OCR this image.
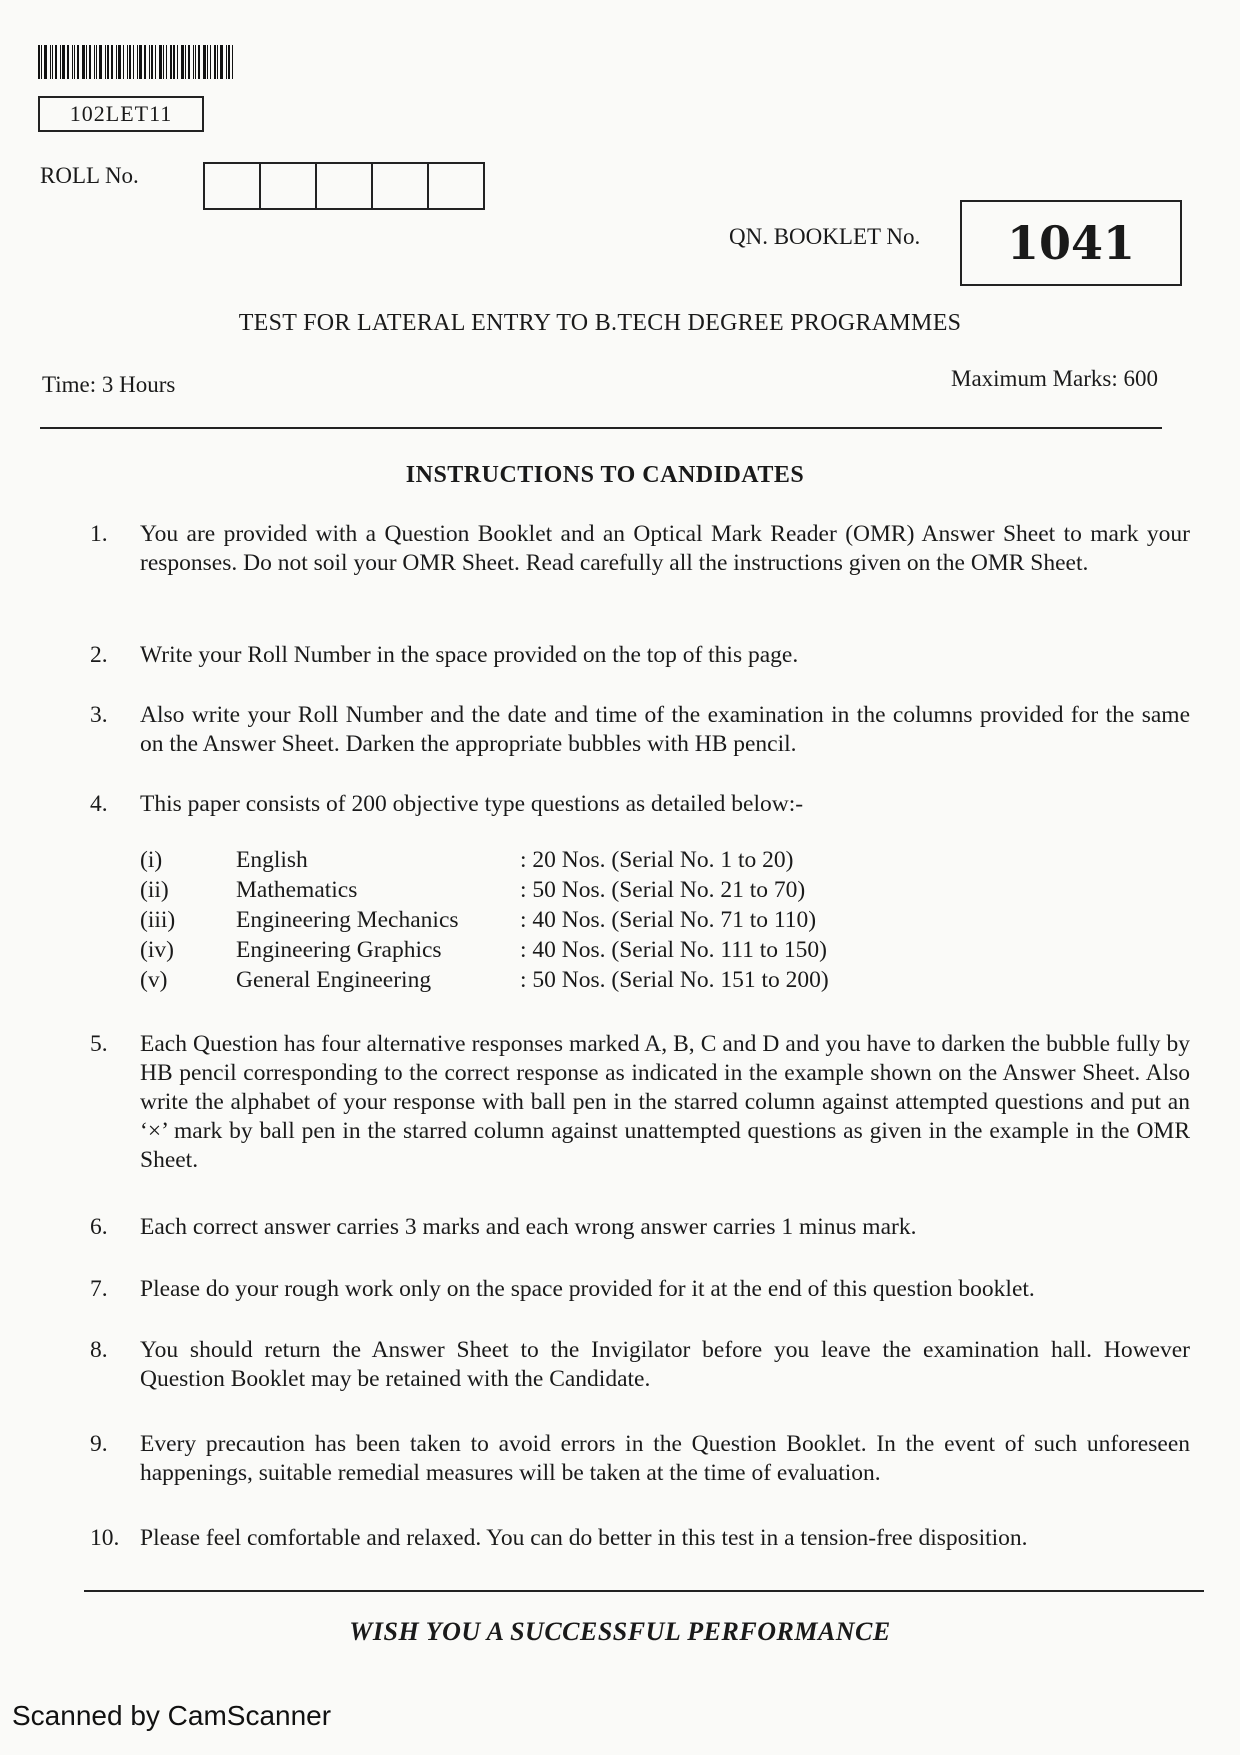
102LET11
ROLL No.
QN. BOOKLET No.	1041
TEST FOR LATERAL ENTRY TO B.TECH DEGREE PROGRAMMES
Time: 3 Hours	Maximum Marks: 600
INSTRUCTIONS TO CANDIDATES
1.	You are provided with a Question Booklet and an Optical Mark Reader (OMR) Answer Sheet to mark your responses. Do not soil your OMR Sheet. Read carefully all the instructions given on the OMR Sheet.
2.	Write your Roll Number in the space provided on the top of this page.
3.	Also write your Roll Number and the date and time of the examination in the columns provided for the same on the Answer Sheet. Darken the appropriate bubbles with HB pencil.
4.	This paper consists of 200 objective type questions as detailed below:-
(i)	English	: 20 Nos. (Serial No. 1 to 20)
(ii)	Mathematics	: 50 Nos. (Serial No. 21 to 70)
(iii)	Engineering Mechanics	: 40 Nos. (Serial No. 71 to 110)
(iv)	Engineering Graphics	: 40 Nos. (Serial No. 111 to 150)
(v)	General Engineering	: 50 Nos. (Serial No. 151 to 200)
5.	Each Question has four alternative responses marked A, B, C and D and you have to darken the bubble fully by HB pencil corresponding to the correct response as indicated in the example shown on the Answer Sheet. Also write the alphabet of your response with ball pen in the starred column against attempted questions and put an ‘×’ mark by ball pen in the starred column against unattempted questions as given in the example in the OMR Sheet.
6.	Each correct answer carries 3 marks and each wrong answer carries 1 minus mark.
7.	Please do your rough work only on the space provided for it at the end of this question booklet.
8.	You should return the Answer Sheet to the Invigilator before you leave the examination hall. However Question Booklet may be retained with the Candidate.
9.	Every precaution has been taken to avoid errors in the Question Booklet. In the event of such unforeseen happenings, suitable remedial measures will be taken at the time of evaluation.
10. Please feel comfortable and relaxed. You can do better in this test in a tension-free disposition.
WISH YOU A SUCCESSFUL PERFORMANCE
Scanned by CamScanner
